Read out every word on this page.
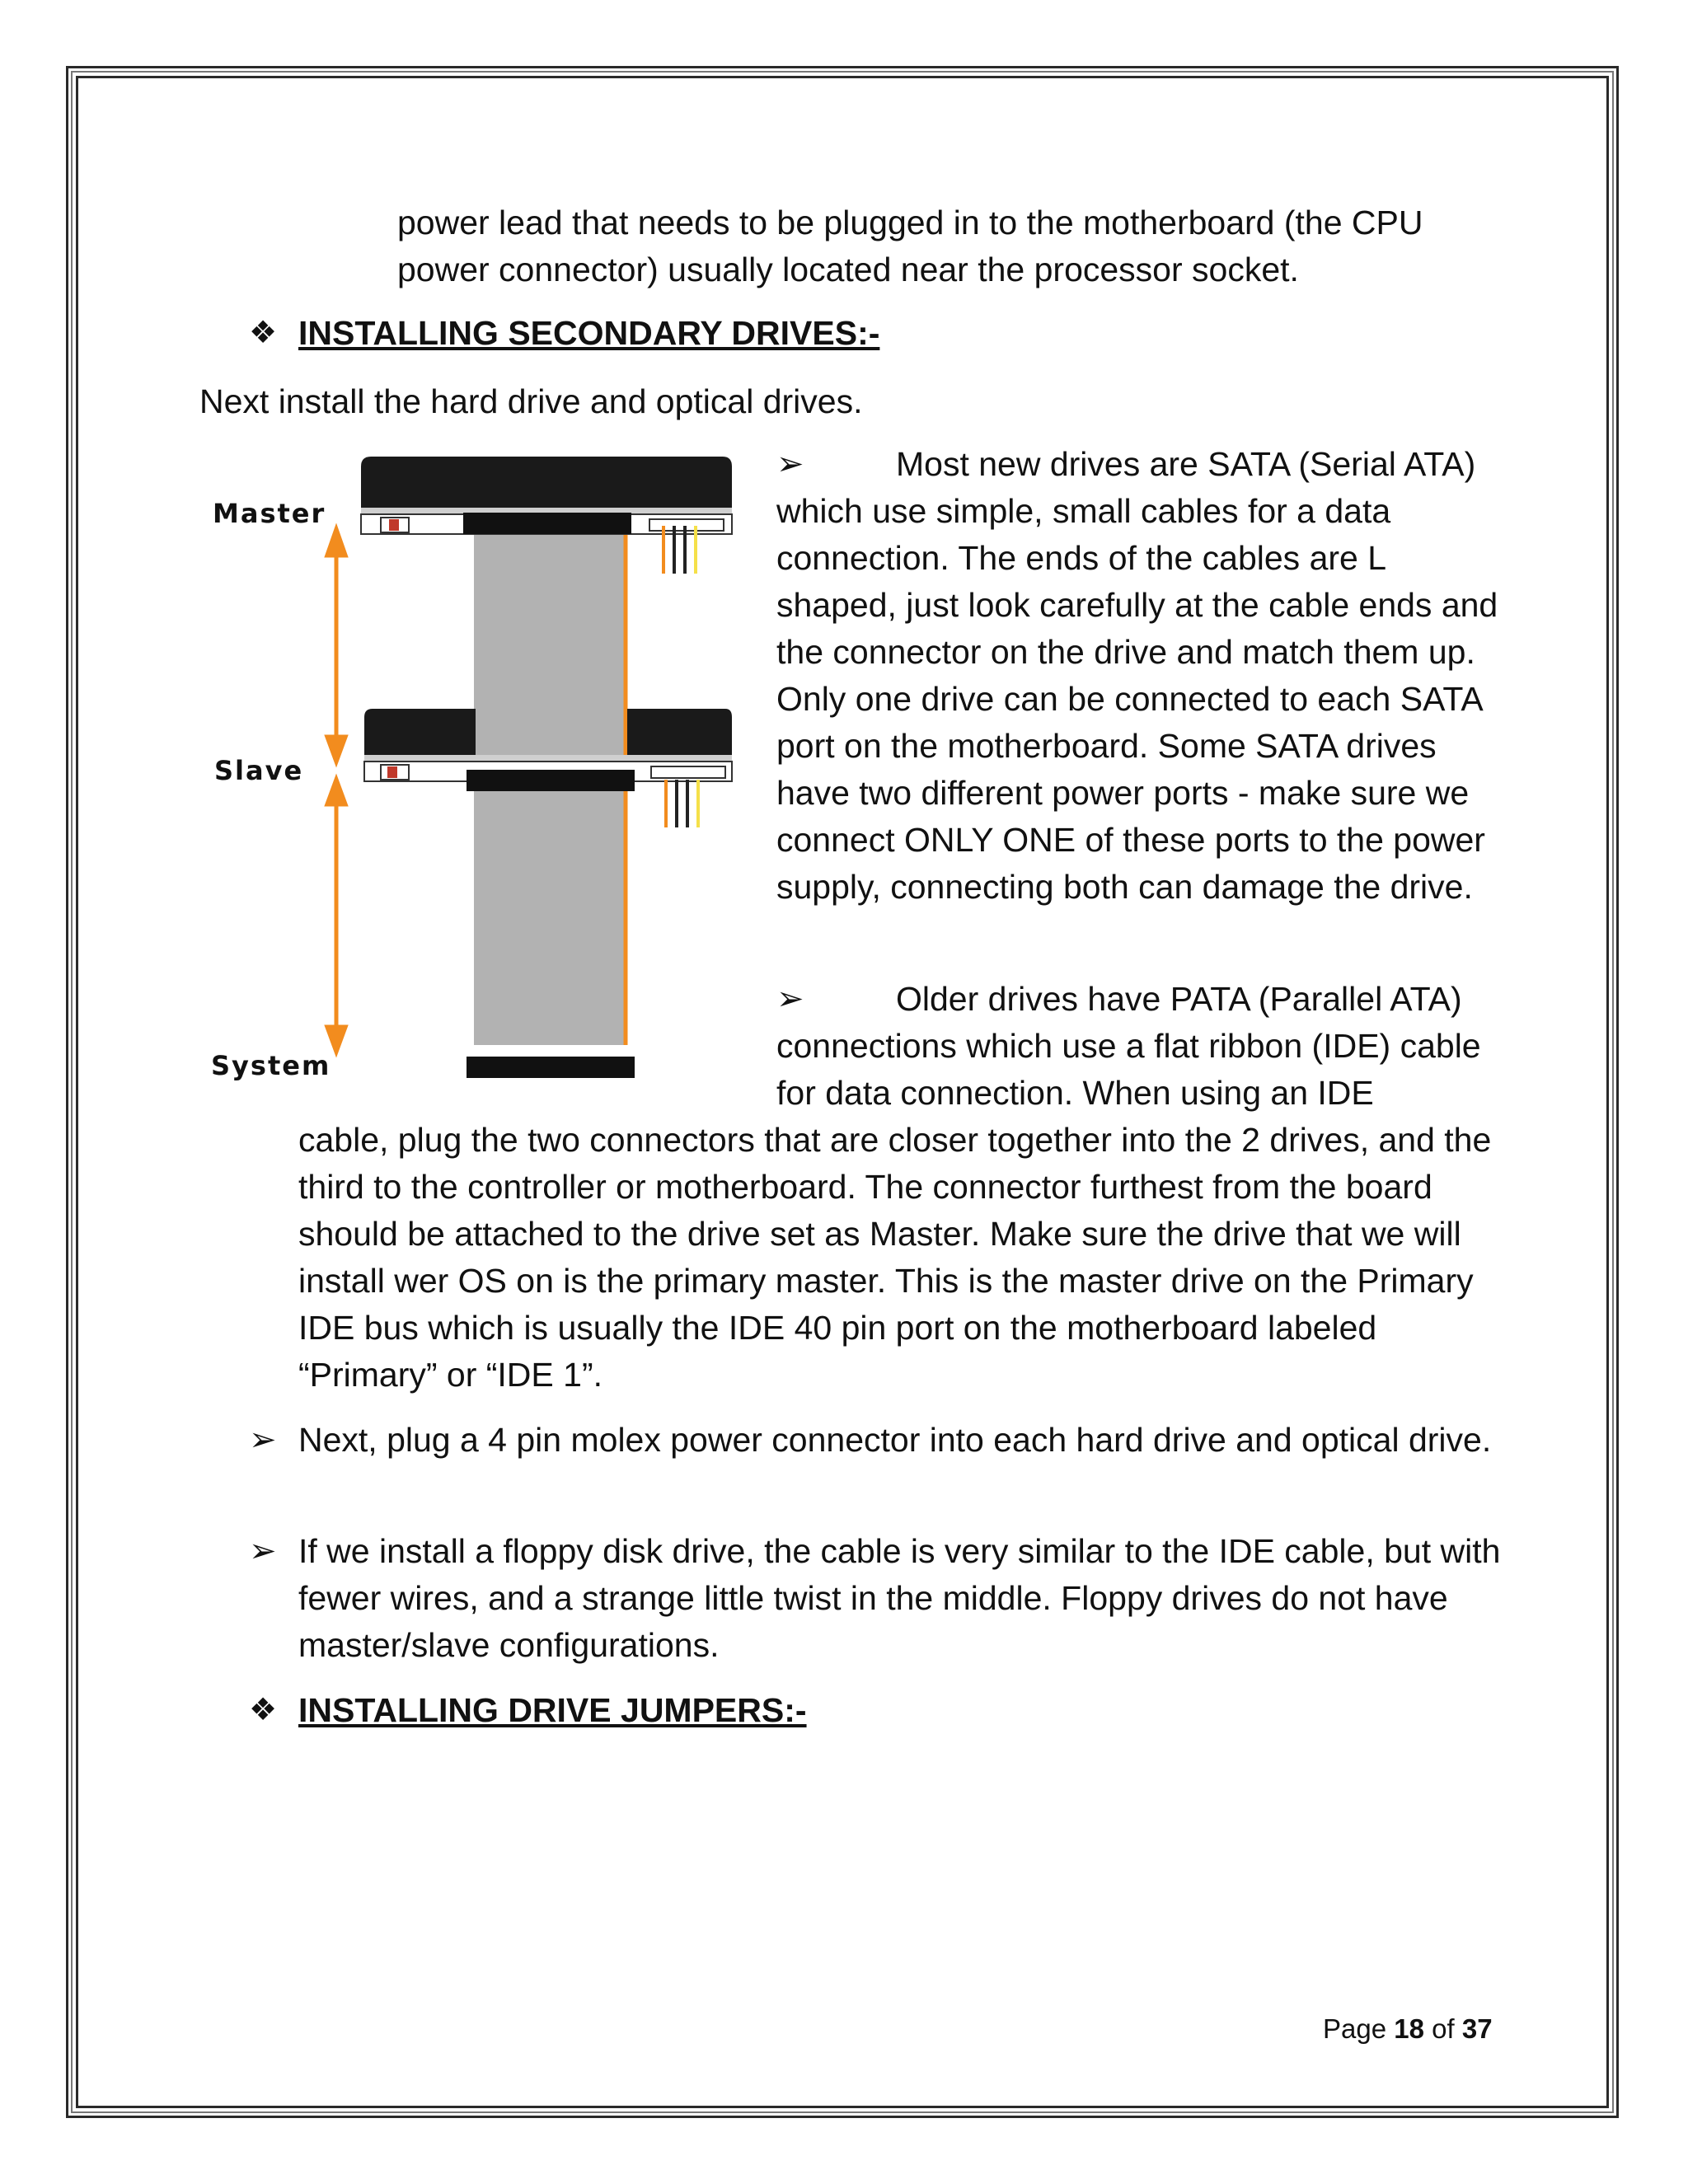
power lead that needs to be plugged in to the motherboard (the CPU power connector) usually located near the processor socket.

❖ INSTALLING SECONDARY DRIVES:-

Next install the hard drive and optical drives.

Master
Slave
System
➢	Most new drives are SATA (Serial ATA) which use simple, small cables for a data connection. The ends of the cables are L shaped, just look carefully at the cable ends and the connector on the drive and match them up. Only one drive can be connected to each SATA port on the motherboard. Some SATA drives have two different power ports - make sure we connect ONLY ONE of these ports to the power supply, connecting both can damage the drive.

➢	Older drives have PATA (Parallel ATA) connections which use a flat ribbon (IDE) cable for data connection. When using an IDE

cable, plug the two connectors that are closer together into the 2 drives, and the third to the controller or motherboard. The connector furthest from the board should be attached to the drive set as Master. Make sure the drive that we will install wer OS on is the primary master. This is the master drive on the Primary IDE bus which is usually the IDE 40 pin port on the motherboard labeled “Primary” or “IDE 1”.

➢ Next, plug a 4 pin molex power connector into each hard drive and optical drive.

➢ If we install a floppy disk drive, the cable is very similar to the IDE cable, but with fewer wires, and a strange little twist in the middle. Floppy drives do not have master/slave configurations.

❖ INSTALLING DRIVE JUMPERS:-
Page 18 of 37
